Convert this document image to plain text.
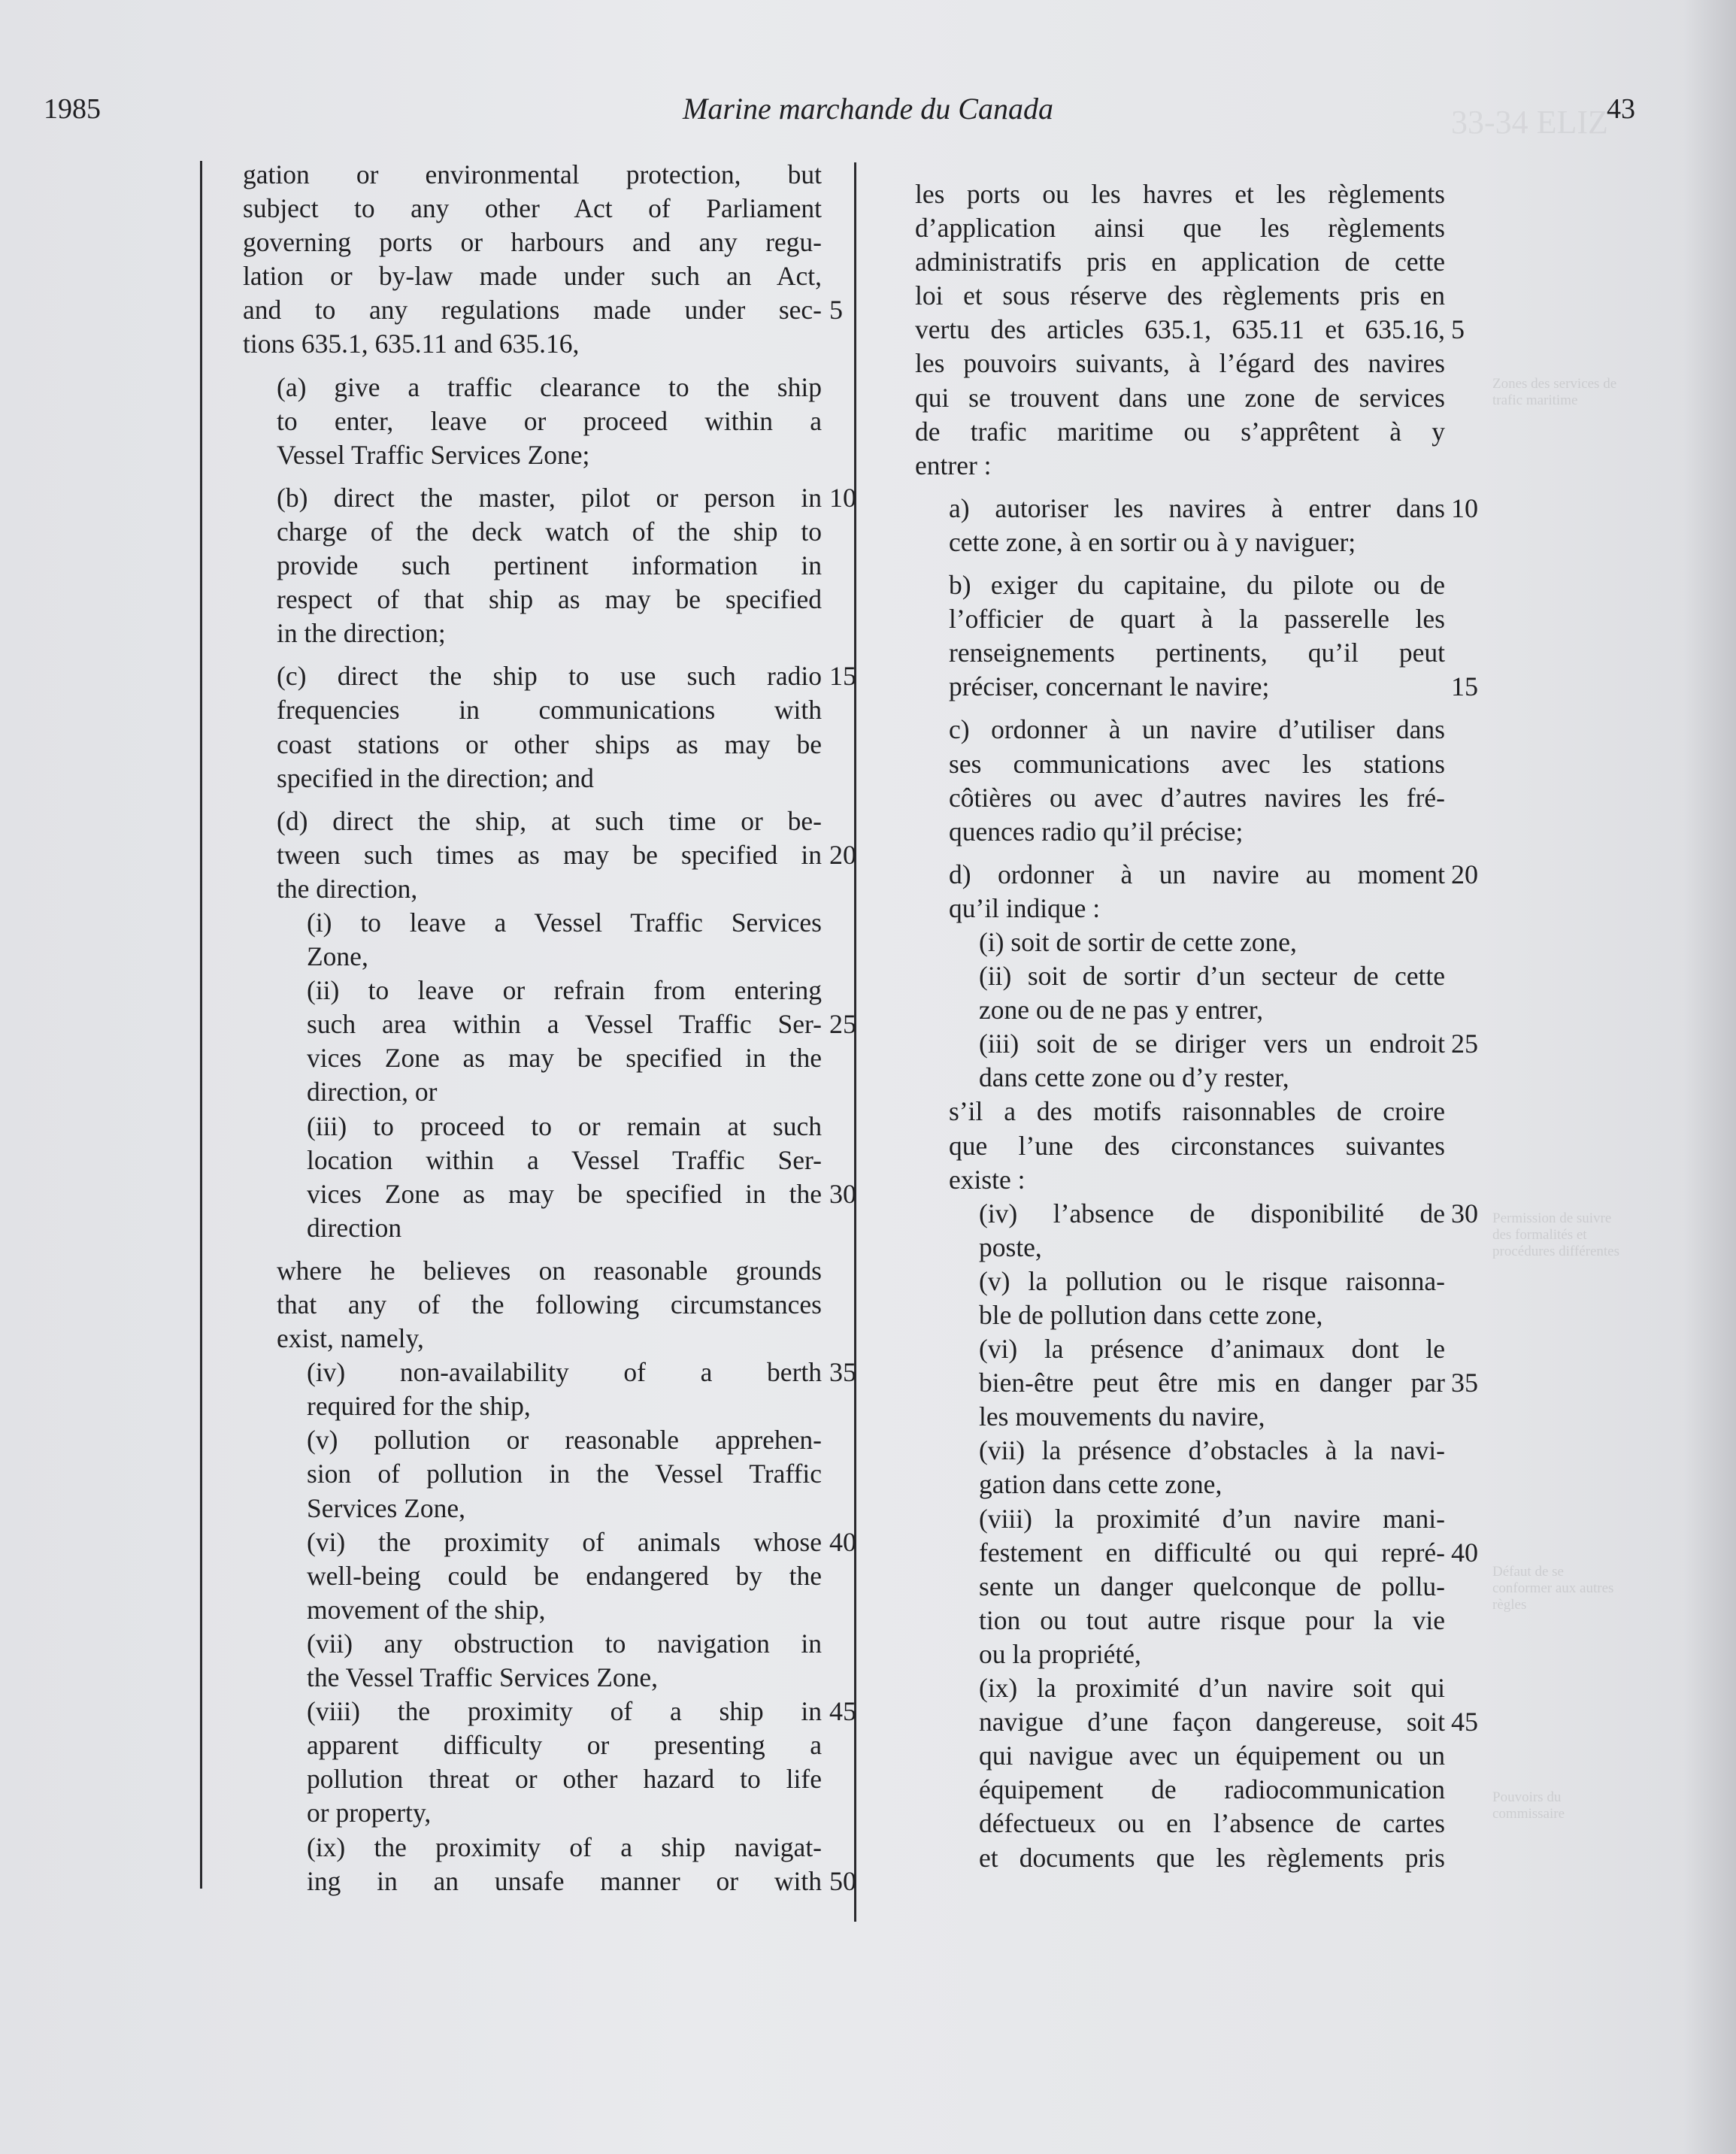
1985	Marine marchande du Canada	43
33-34 ELIZ
Zones des services de trafic maritime
Permission de suivre des formalités et procédures différentes
Défaut de se conformer aux autres règles
Pouvoirs du commissaire
gation or environmental protection, but
subject to any other Act of Parliament
governing ports or harbours and any regu-
lation or by-law made under such an Act,
and to any regulations made under sec- 5
tions 635.1, 635.11 and 635.16,
(a) give a traffic clearance to the ship
to enter, leave or proceed within a
Vessel Traffic Services Zone;
(b) direct the master, pilot or person in 10
charge of the deck watch of the ship to
provide such pertinent information in
respect of that ship as may be specified
in the direction;
(c) direct the ship to use such radio 15
frequencies in communications with
coast stations or other ships as may be
specified in the direction; and
(d) direct the ship, at such time or be-
tween such times as may be specified in 20
the direction,
(i) to leave a Vessel Traffic Services
Zone,
(ii) to leave or refrain from entering
such area within a Vessel Traffic Ser- 25
vices Zone as may be specified in the
direction, or
(iii) to proceed to or remain at such
location within a Vessel Traffic Ser-
vices Zone as may be specified in the 30
direction
where he believes on reasonable grounds
that any of the following circumstances
exist, namely,
(iv) non-availability of a berth 35
required for the ship,
(v) pollution or reasonable apprehen-
sion of pollution in the Vessel Traffic
Services Zone,
(vi) the proximity of animals whose 40
well-being could be endangered by the
movement of the ship,
(vii) any obstruction to navigation in
the Vessel Traffic Services Zone,
(viii) the proximity of a ship in 45
apparent difficulty or presenting a
pollution threat or other hazard to life
or property,
(ix) the proximity of a ship navigat-
ing in an unsafe manner or with 50
les ports ou les havres et les règlements
d’application ainsi que les règlements
administratifs pris en application de cette
loi et sous réserve des règlements pris en
vertu des articles 635.1, 635.11 et 635.16, 5
les pouvoirs suivants, à l’égard des navires
qui se trouvent dans une zone de services
de trafic maritime ou s’apprêtent à y
entrer :
a) autoriser les navires à entrer dans 10
cette zone, à en sortir ou à y naviguer;
b) exiger du capitaine, du pilote ou de
l’officier de quart à la passerelle les
renseignements pertinents, qu’il peut
préciser, concernant le navire;	15
c) ordonner à un navire d’utiliser dans
ses communications avec les stations
côtières ou avec d’autres navires les fré-
quences radio qu’il précise;
d) ordonner à un navire au moment 20
qu’il indique :
(i) soit de sortir de cette zone,
(ii) soit de sortir d’un secteur de cette
zone ou de ne pas y entrer,
(iii) soit de se diriger vers un endroit 25
dans cette zone ou d’y rester,
s’il a des motifs raisonnables de croire
que l’une des circonstances suivantes
existe :
(iv) l’absence de disponibilité de 30
poste,
(v) la pollution ou le risque raisonna-
ble de pollution dans cette zone,
(vi) la présence d’animaux dont le
bien-être peut être mis en danger par 35
les mouvements du navire,
(vii) la présence d’obstacles à la navi-
gation dans cette zone,
(viii) la proximité d’un navire mani-
festement en difficulté ou qui repré- 40
sente un danger quelconque de pollu-
tion ou tout autre risque pour la vie
ou la propriété,
(ix) la proximité d’un navire soit qui
navigue d’une façon dangereuse, soit 45
qui navigue avec un équipement ou un
équipement de radiocommunication
défectueux ou en l’absence de cartes
et documents que les règlements pris
